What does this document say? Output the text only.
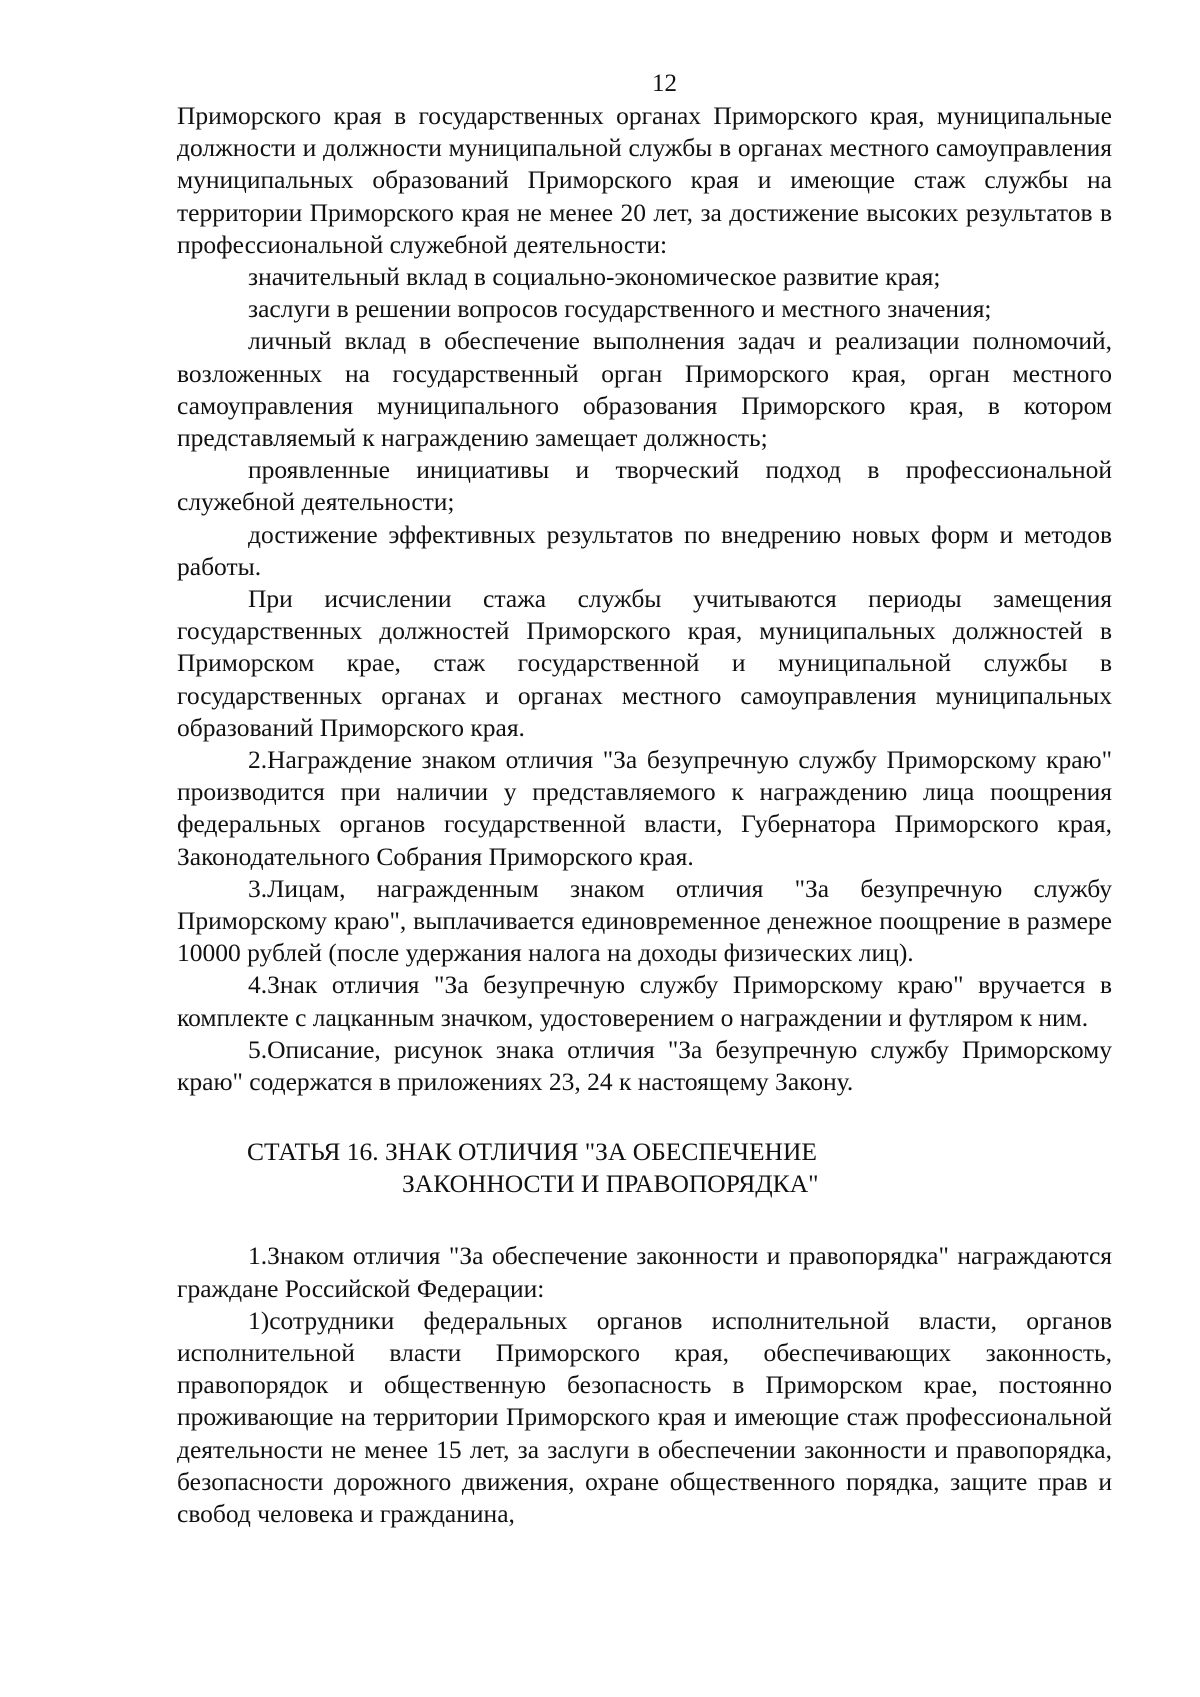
12

Приморского края в государственных органах Приморского края, муниципальные должности и должности муниципальной службы в органах местного самоуправления муниципальных образований Приморского края и имеющие стаж службы на территории Приморского края не менее 20 лет, за достижение высоких результатов в профессиональной служебной деятельности:

значительный вклад в социально-экономическое развитие края;

заслуги в решении вопросов государственного и местного значения;

личный вклад в обеспечение выполнения задач и реализации полномочий, возложенных на государственный орган Приморского края, орган местного самоуправления муниципального образования Приморского края, в котором представляемый к награждению замещает должность;

проявленные инициативы и творческий подход в профессиональной служебной деятельности;

достижение эффективных результатов по внедрению новых форм и методов работы.

При исчислении стажа службы учитываются периоды замещения государственных должностей Приморского края, муниципальных должностей в Приморском крае, стаж государственной и муниципальной службы в государственных органах и органах местного самоуправления муниципальных образований Приморского края.

2.Награждение знаком отличия "За безупречную службу Приморскому краю" производится при наличии у представляемого к награждению лица поощрения федеральных органов государственной власти, Губернатора Приморского края, Законодательного Собрания Приморского края.

3.Лицам, награжденным знаком отличия "За безупречную службу Приморскому краю", выплачивается единовременное денежное поощрение в размере 10000 рублей (после удержания налога на доходы физических лиц).

4.Знак отличия "За безупречную службу Приморскому краю" вручается в комплекте с лацканным значком, удостоверением о награждении и футляром к ним.

5.Описание, рисунок знака отличия "За безупречную службу Приморскому краю" содержатся в приложениях 23, 24 к настоящему Закону.

СТАТЬЯ 16. ЗНАК ОТЛИЧИЯ "ЗА ОБЕСПЕЧЕНИЕ
ЗАКОННОСТИ И ПРАВОПОРЯДКА"

1.Знаком отличия "За обеспечение законности и правопорядка" награждаются граждане Российской Федерации:

1)сотрудники федеральных органов исполнительной власти, органов исполнительной власти Приморского края, обеспечивающих законность, правопорядок и общественную безопасность в Приморском крае, постоянно проживающие на территории Приморского края и имеющие стаж профессиональной деятельности не менее 15 лет, за заслуги в обеспечении законности и правопорядка, безопасности дорожного движения, охране общественного порядка, защите прав и свобод человека и гражданина,
